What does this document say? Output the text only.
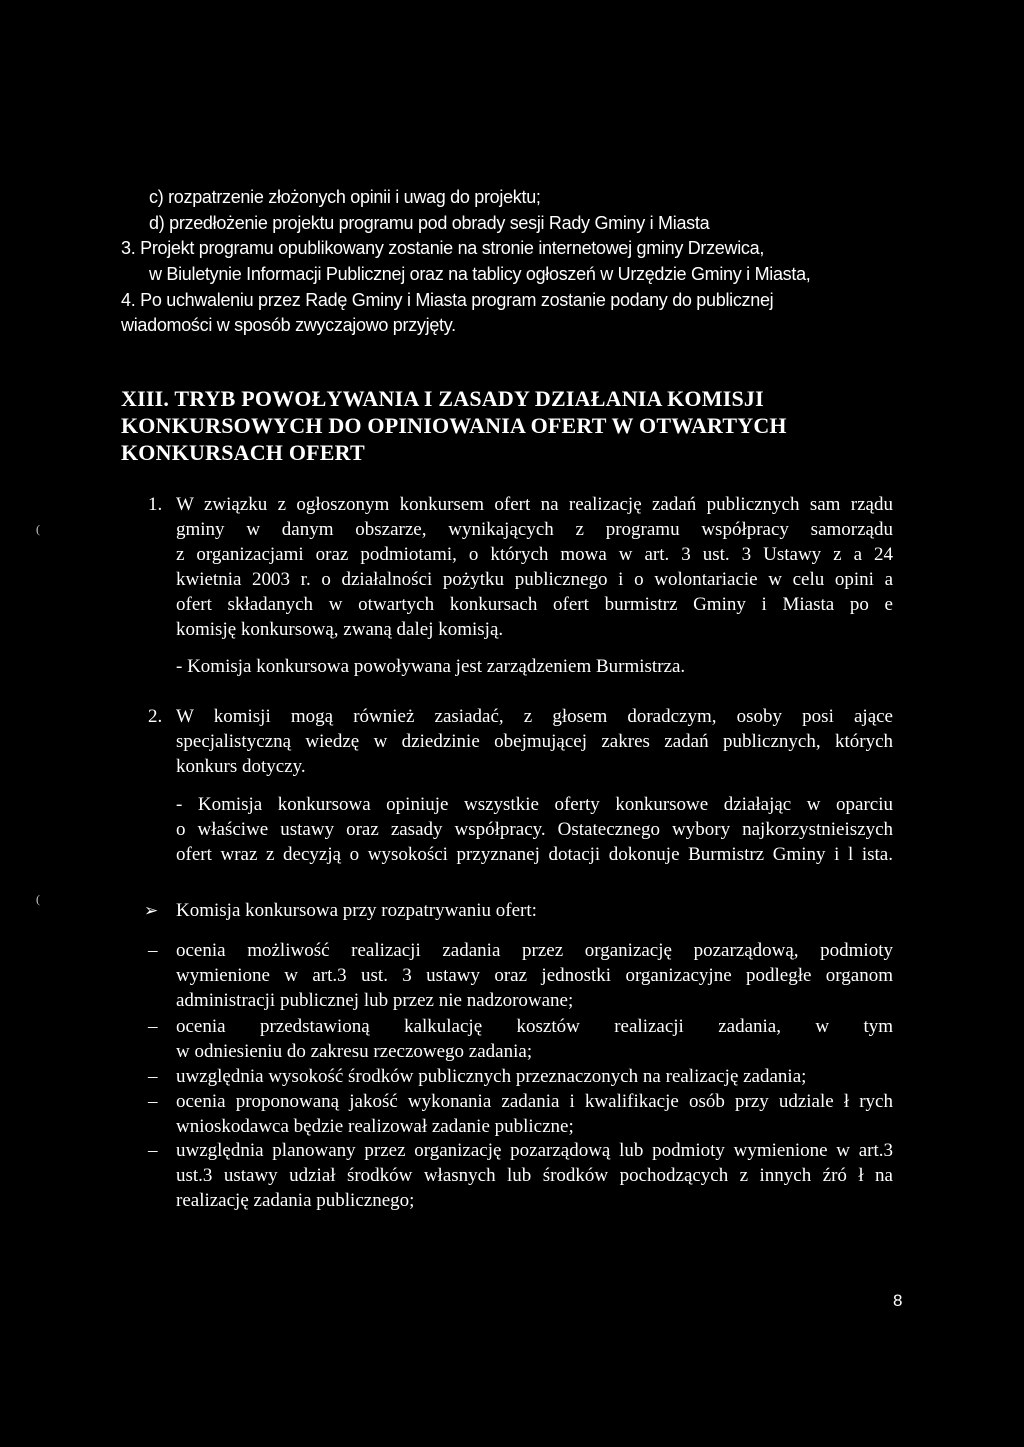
c) rozpatrzenie złożonych opinii i uwag do projektu;
d) przedłożenie projektu programu pod obrady sesji Rady Gminy i Miasta
3. Projekt programu opublikowany zostanie na stronie internetowej gminy Drzewica,
w Biuletynie Informacji Publicznej oraz na tablicy ogłoszeń w Urzędzie Gminy i Miasta,
4. Po uchwaleniu przez Radę Gminy i Miasta program zostanie podany do publicznej
wiadomości w sposób zwyczajowo przyjęty.
XIII. TRYB POWOŁYWANIA I ZASADY DZIAŁANIA KOMISJI
KONKURSOWYCH DO OPINIOWANIA OFERT W OTWARTYCH
KONKURSACH OFERT
(
(
1. W związku z ogłoszonym konkursem ofert na realizację zadań publicznych sam rządu
gminy w danym obszarze, wynikających z programu współpracy samorządu
z organizacjami oraz podmiotami, o których mowa w art. 3 ust. 3 Ustawy z a 24
kwietnia 2003 r. o działalności pożytku publicznego i o wolontariacie w celu opini a
ofert składanych w otwartych konkursach ofert burmistrz Gminy i Miasta po e
komisję konkursową, zwaną dalej komisją.
- Komisja konkursowa powoływana jest zarządzeniem Burmistrza.
2. W komisji mogą również zasiadać, z głosem doradczym, osoby posi ające
specjalistyczną wiedzę w dziedzinie obejmującej zakres zadań publicznych, których
konkurs dotyczy.
- Komisja konkursowa opiniuje wszystkie oferty konkursowe działając w oparciu
o właściwe ustawy oraz zasady współpracy. Ostatecznego wybory najkorzystnieiszych
ofert wraz z decyzją o wysokości przyznanej dotacji dokonuje Burmistrz Gminy i l ista.
➢ Komisja konkursowa przy rozpatrywaniu ofert:
– ocenia możliwość realizacji zadania przez organizację pozarządową, podmioty
wymienione w art.3 ust. 3 ustawy oraz jednostki organizacyjne podległe organom
administracji publicznej lub przez nie nadzorowane;
– ocenia przedstawioną kalkulację kosztów realizacji zadania, w tym
w odniesieniu do zakresu rzeczowego zadania;
– uwzględnia wysokość środków publicznych przeznaczonych na realizację zadania;
– ocenia proponowaną jakość wykonania zadania i kwalifikacje osób przy udziale ł rych
wnioskodawca będzie realizował zadanie publiczne;
– uwzględnia planowany przez organizację pozarządową lub podmioty wymienione w art.3
ust.3 ustawy udział środków własnych lub środków pochodzących z innych źró ł na
realizację zadania publicznego;
8
